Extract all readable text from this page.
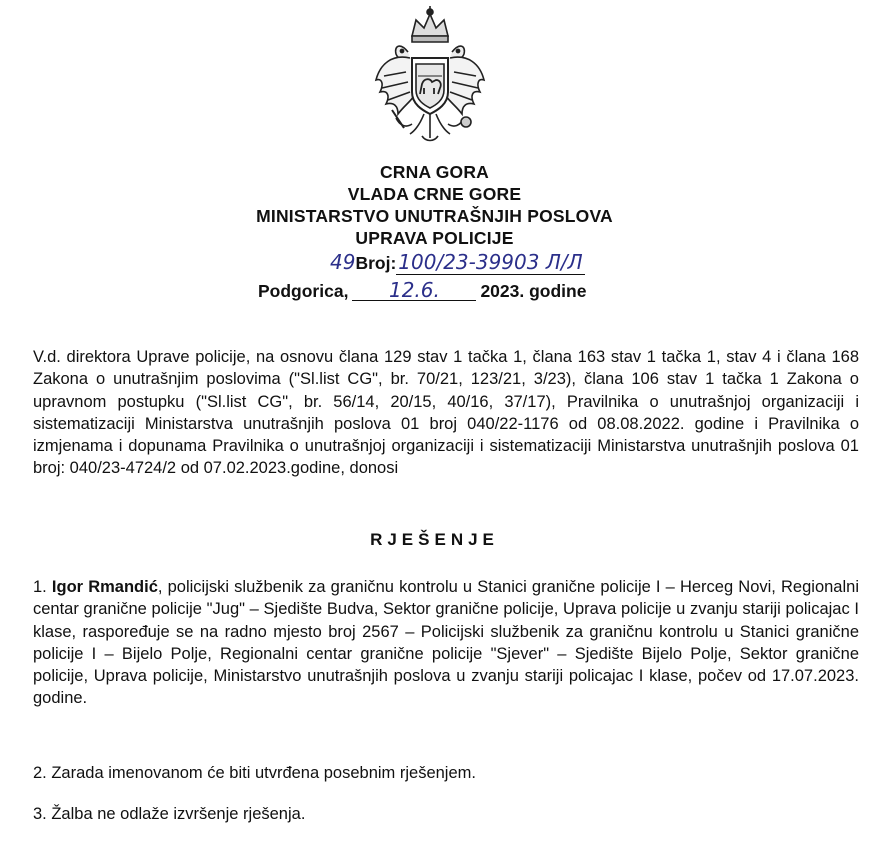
CRNA GORA
VLADA CRNE GORE
MINISTARSTVO UNUTRAŠNJIH POSLOVA
UPRAVA POLICIJE
49Broj: 100/23-39903 Л/Л
Podgorica, 12.6. 2023. godine
V.d. direktora Uprave policije, na osnovu člana 129 stav 1 tačka 1, člana 163 stav 1 tačka 1, stav 4 i člana 168 Zakona o unutrašnjim poslovima ("Sl.list CG", br. 70/21, 123/21, 3/23), člana 106 stav 1 tačka 1 Zakona o upravnom postupku ("Sl.list CG", br. 56/14, 20/15, 40/16, 37/17), Pravilnika o unutrašnjoj organizaciji i sistematizaciji Ministarstva unutrašnjih poslova 01 broj 040/22-1176 od 08.08.2022. godine i Pravilnika o izmjenama i dopunama Pravilnika o unutrašnjoj organizaciji i sistematizaciji Ministarstva unutrašnjih poslova 01 broj: 040/23-4724/2 od 07.02.2023.godine, donosi
RJEŠENJE
1. Igor Rmandić, policijski službenik za graničnu kontrolu u Stanici granične policije I – Herceg Novi, Regionalni centar granične policije "Jug" – Sjedište Budva, Sektor granične policije, Uprava policije u zvanju stariji policajac I klase, raspoređuje se na radno mjesto broj 2567 – Policijski službenik za graničnu kontrolu u Stanici granične policije I – Bijelo Polje, Regionalni centar granične policije "Sjever" – Sjedište Bijelo Polje, Sektor granične policije, Uprava policije, Ministarstvo unutrašnjih poslova u zvanju stariji policajac I klase, počev od 17.07.2023. godine.
2. Zarada imenovanom će biti utvrđena posebnim rješenjem.
3. Žalba ne odlaže izvršenje rješenja.
